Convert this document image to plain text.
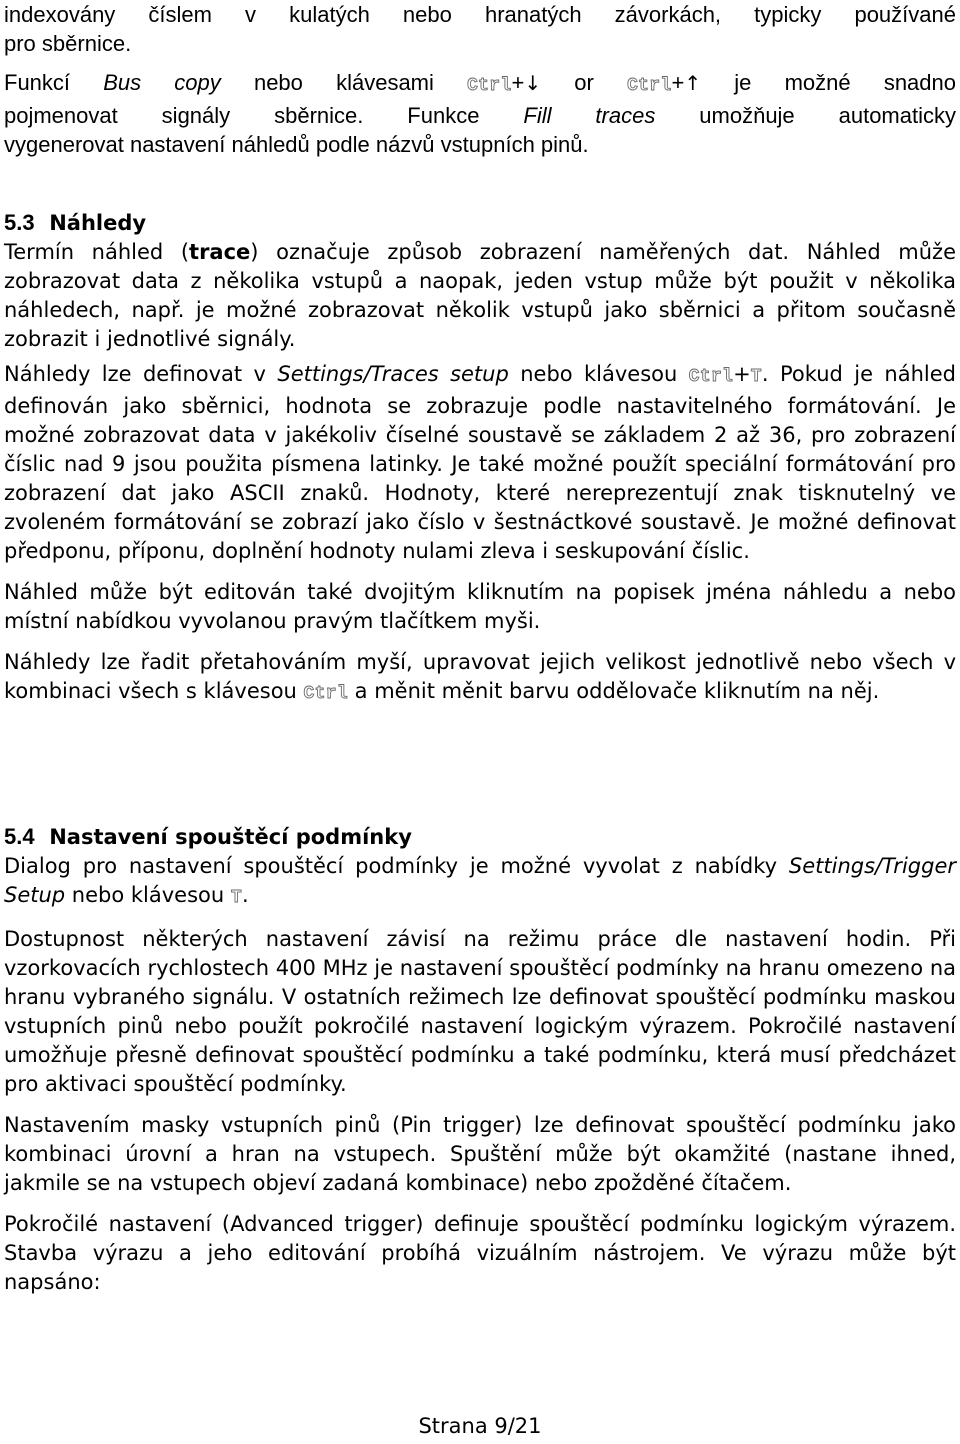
indexovány číslem v kulatých nebo hranatých závorkách, typicky používané
pro sběrnice.
Funkcí Bus copy nebo klávesami Ctrl+↓ or Ctrl+↑ je možné snadno
pojmenovat signály sběrnice. Funkce Fill traces umožňuje automaticky
vygenerovat nastavení náhledů podle názvů vstupních pinů.
5.3 Náhledy

Termín náhled (trace) označuje způsob zobrazení naměřených dat. Náhled může zobrazovat data z několika vstupů a naopak, jeden vstup může být použit v několika náhledech, např. je možné zobrazovat několik vstupů jako sběrnici a přitom současně zobrazit i jednotlivé signály.

Náhledy lze definovat v Settings/Traces setup nebo klávesou Ctrl+T. Pokud je náhled definován jako sběrnici, hodnota se zobrazuje podle nastavitelného formátování. Je možné zobrazovat data v jakékoliv číselné soustavě se základem 2 až 36, pro zobrazení číslic nad 9 jsou použita písmena latinky. Je také možné použít speciální formátování pro zobrazení dat jako ASCII znaků. Hodnoty, které nereprezentují znak tisknutelný ve zvoleném formátování se zobrazí jako číslo v šestnáctkové soustavě. Je možné definovat předponu, příponu, doplnění hodnoty nulami zleva i seskupování číslic.

Náhled může být editován také dvojitým kliknutím na popisek jména náhledu a nebo místní nabídkou vyvolanou pravým tlačítkem myši.

Náhledy lze řadit přetahováním myší, upravovat jejich velikost jednotlivě nebo všech v kombinaci všech s klávesou Ctrl a měnit měnit barvu oddělovače kliknutím na něj.

5.4 Nastavení spouštěcí podmínky

Dialog pro nastavení spouštěcí podmínky je možné vyvolat z nabídky Settings/Trigger Setup nebo klávesou T.

Dostupnost některých nastavení závisí na režimu práce dle nastavení hodin. Při vzorkovacích rychlostech 400 MHz je nastavení spouštěcí podmínky na hranu omezeno na hranu vybraného signálu. V ostatních režimech lze definovat spouštěcí podmínku maskou vstupních pinů nebo použít pokročilé nastavení logickým výrazem. Pokročilé nastavení umožňuje přesně definovat spouštěcí podmínku a také podmínku, která musí předcházet pro aktivaci spouštěcí podmínky.

Nastavením masky vstupních pinů (Pin trigger) lze definovat spouštěcí podmínku jako kombinaci úrovní a hran na vstupech. Spuštění může být okamžité (nastane ihned, jakmile se na vstupech objeví zadaná kombinace) nebo zpožděné čítačem.

Pokročilé nastavení (Advanced trigger) definuje spouštěcí podmínku logickým výrazem. Stavba výrazu a jeho editování probíhá vizuálním nástrojem. Ve výrazu může být napsáno:

Strana 9/21
